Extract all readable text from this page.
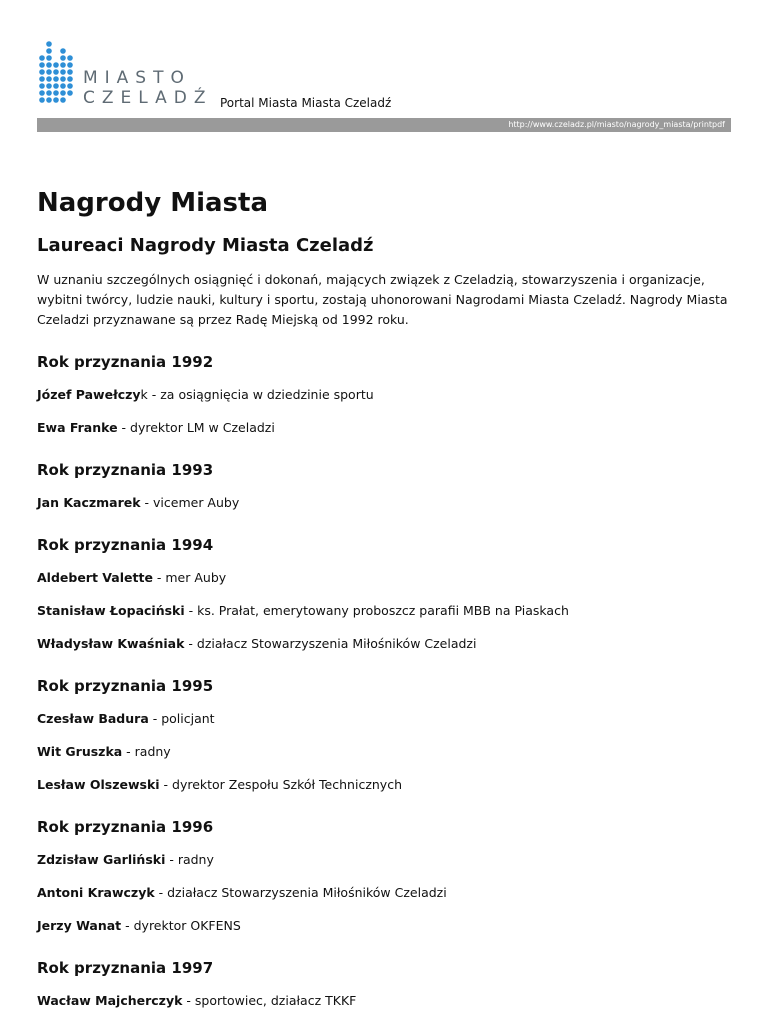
MIASTO
CZELADŹ Portal Miasta Miasta Czeladź
http://www.czeladz.pl/miasto/nagrody_miasta/printpdf
Nagrody Miasta
Laureaci Nagrody Miasta Czeladź

W uznaniu szczególnych osiągnięć i dokonań, mających związek z Czeladzią, stowarzyszenia i organizacje, wybitni twórcy, ludzie nauki, kultury i sportu, zostają uhonorowani Nagrodami Miasta Czeladź. Nagrody Miasta Czeladzi przyznawane są przez Radę Miejską od 1992 roku.

Rok przyznania 1992

Józef Pawełczyk - za osiągnięcia w dziedzinie sportu

Ewa Franke - dyrektor LM w Czeladzi

Rok przyznania 1993

Jan Kaczmarek - vicemer Auby

Rok przyznania 1994

Aldebert Valette - mer Auby

Stanisław Łopaciński - ks. Prałat, emerytowany proboszcz parafii MBB na Piaskach

Władysław Kwaśniak - działacz Stowarzyszenia Miłośników Czeladzi

Rok przyznania 1995

Czesław Badura - policjant

Wit Gruszka - radny

Lesław Olszewski - dyrektor Zespołu Szkół Technicznych

Rok przyznania 1996

Zdzisław Garliński - radny

Antoni Krawczyk - działacz Stowarzyszenia Miłośników Czeladzi

Jerzy Wanat - dyrektor OKFENS

Rok przyznania 1997

Wacław Majcherczyk - sportowiec, działacz TKKF
